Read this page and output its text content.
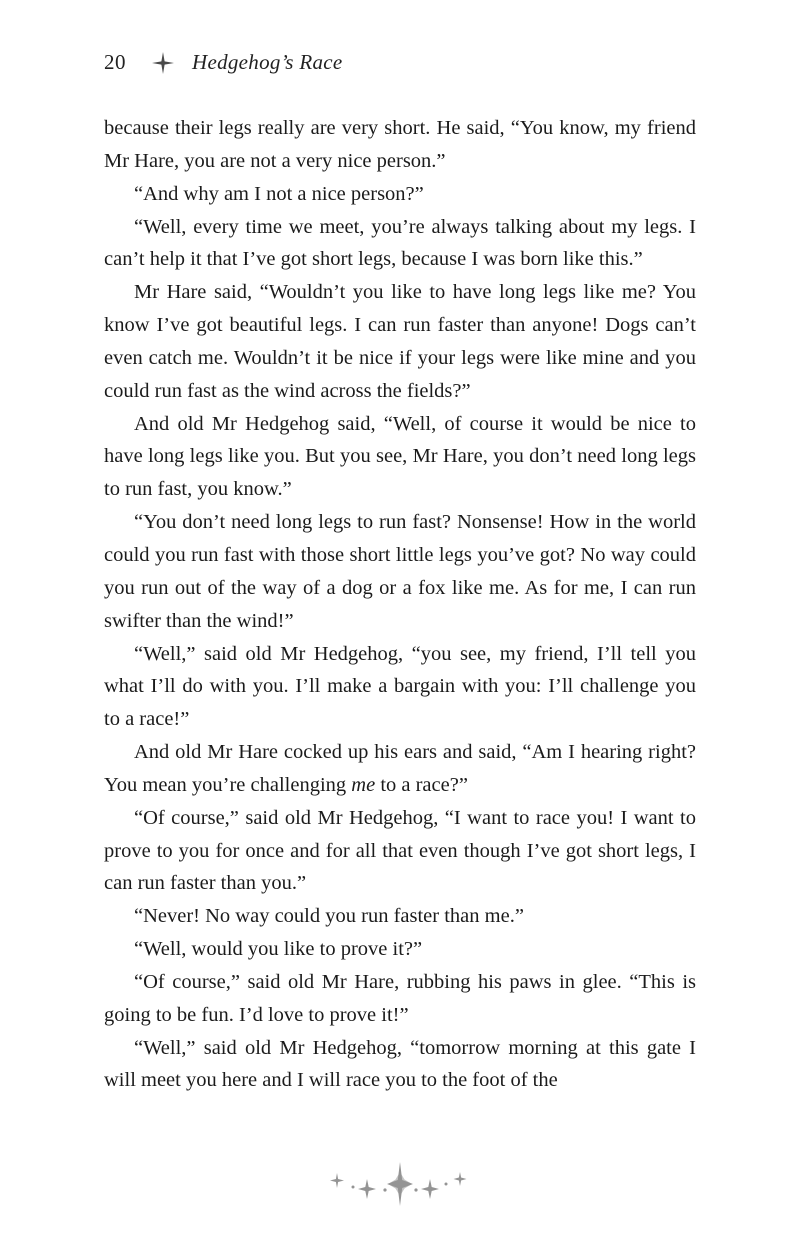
20	Hedgehog’s Race

because their legs really are very short. He said, “You know, my friend Mr Hare, you are not a very nice person.”

“And why am I not a nice person?”

“Well, every time we meet, you’re always talking about my legs. I can’t help it that I’ve got short legs, because I was born like this.”

Mr Hare said, “Wouldn’t you like to have long legs like me? You know I’ve got beautiful legs. I can run faster than anyone! Dogs can’t even catch me. Wouldn’t it be nice if your legs were like mine and you could run fast as the wind across the fields?”

And old Mr Hedgehog said, “Well, of course it would be nice to have long legs like you. But you see, Mr Hare, you don’t need long legs to run fast, you know.”

“You don’t need long legs to run fast? Nonsense! How in the world could you run fast with those short little legs you’ve got? No way could you run out of the way of a dog or a fox like me. As for me, I can run swifter than the wind!”

“Well,” said old Mr Hedgehog, “you see, my friend, I’ll tell you what I’ll do with you. I’ll make a bargain with you: I’ll challenge you to a race!”

And old Mr Hare cocked up his ears and said, “Am I hearing right? You mean you’re challenging me to a race?”

“Of course,” said old Mr Hedgehog, “I want to race you! I want to prove to you for once and for all that even though I’ve got short legs, I can run faster than you.”

“Never! No way could you run faster than me.”

“Well, would you like to prove it?”

“Of course,” said old Mr Hare, rubbing his paws in glee. “This is going to be fun. I’d love to prove it!”

“Well,” said old Mr Hedgehog, “tomorrow morning at this gate I will meet you here and I will race you to the foot of the
